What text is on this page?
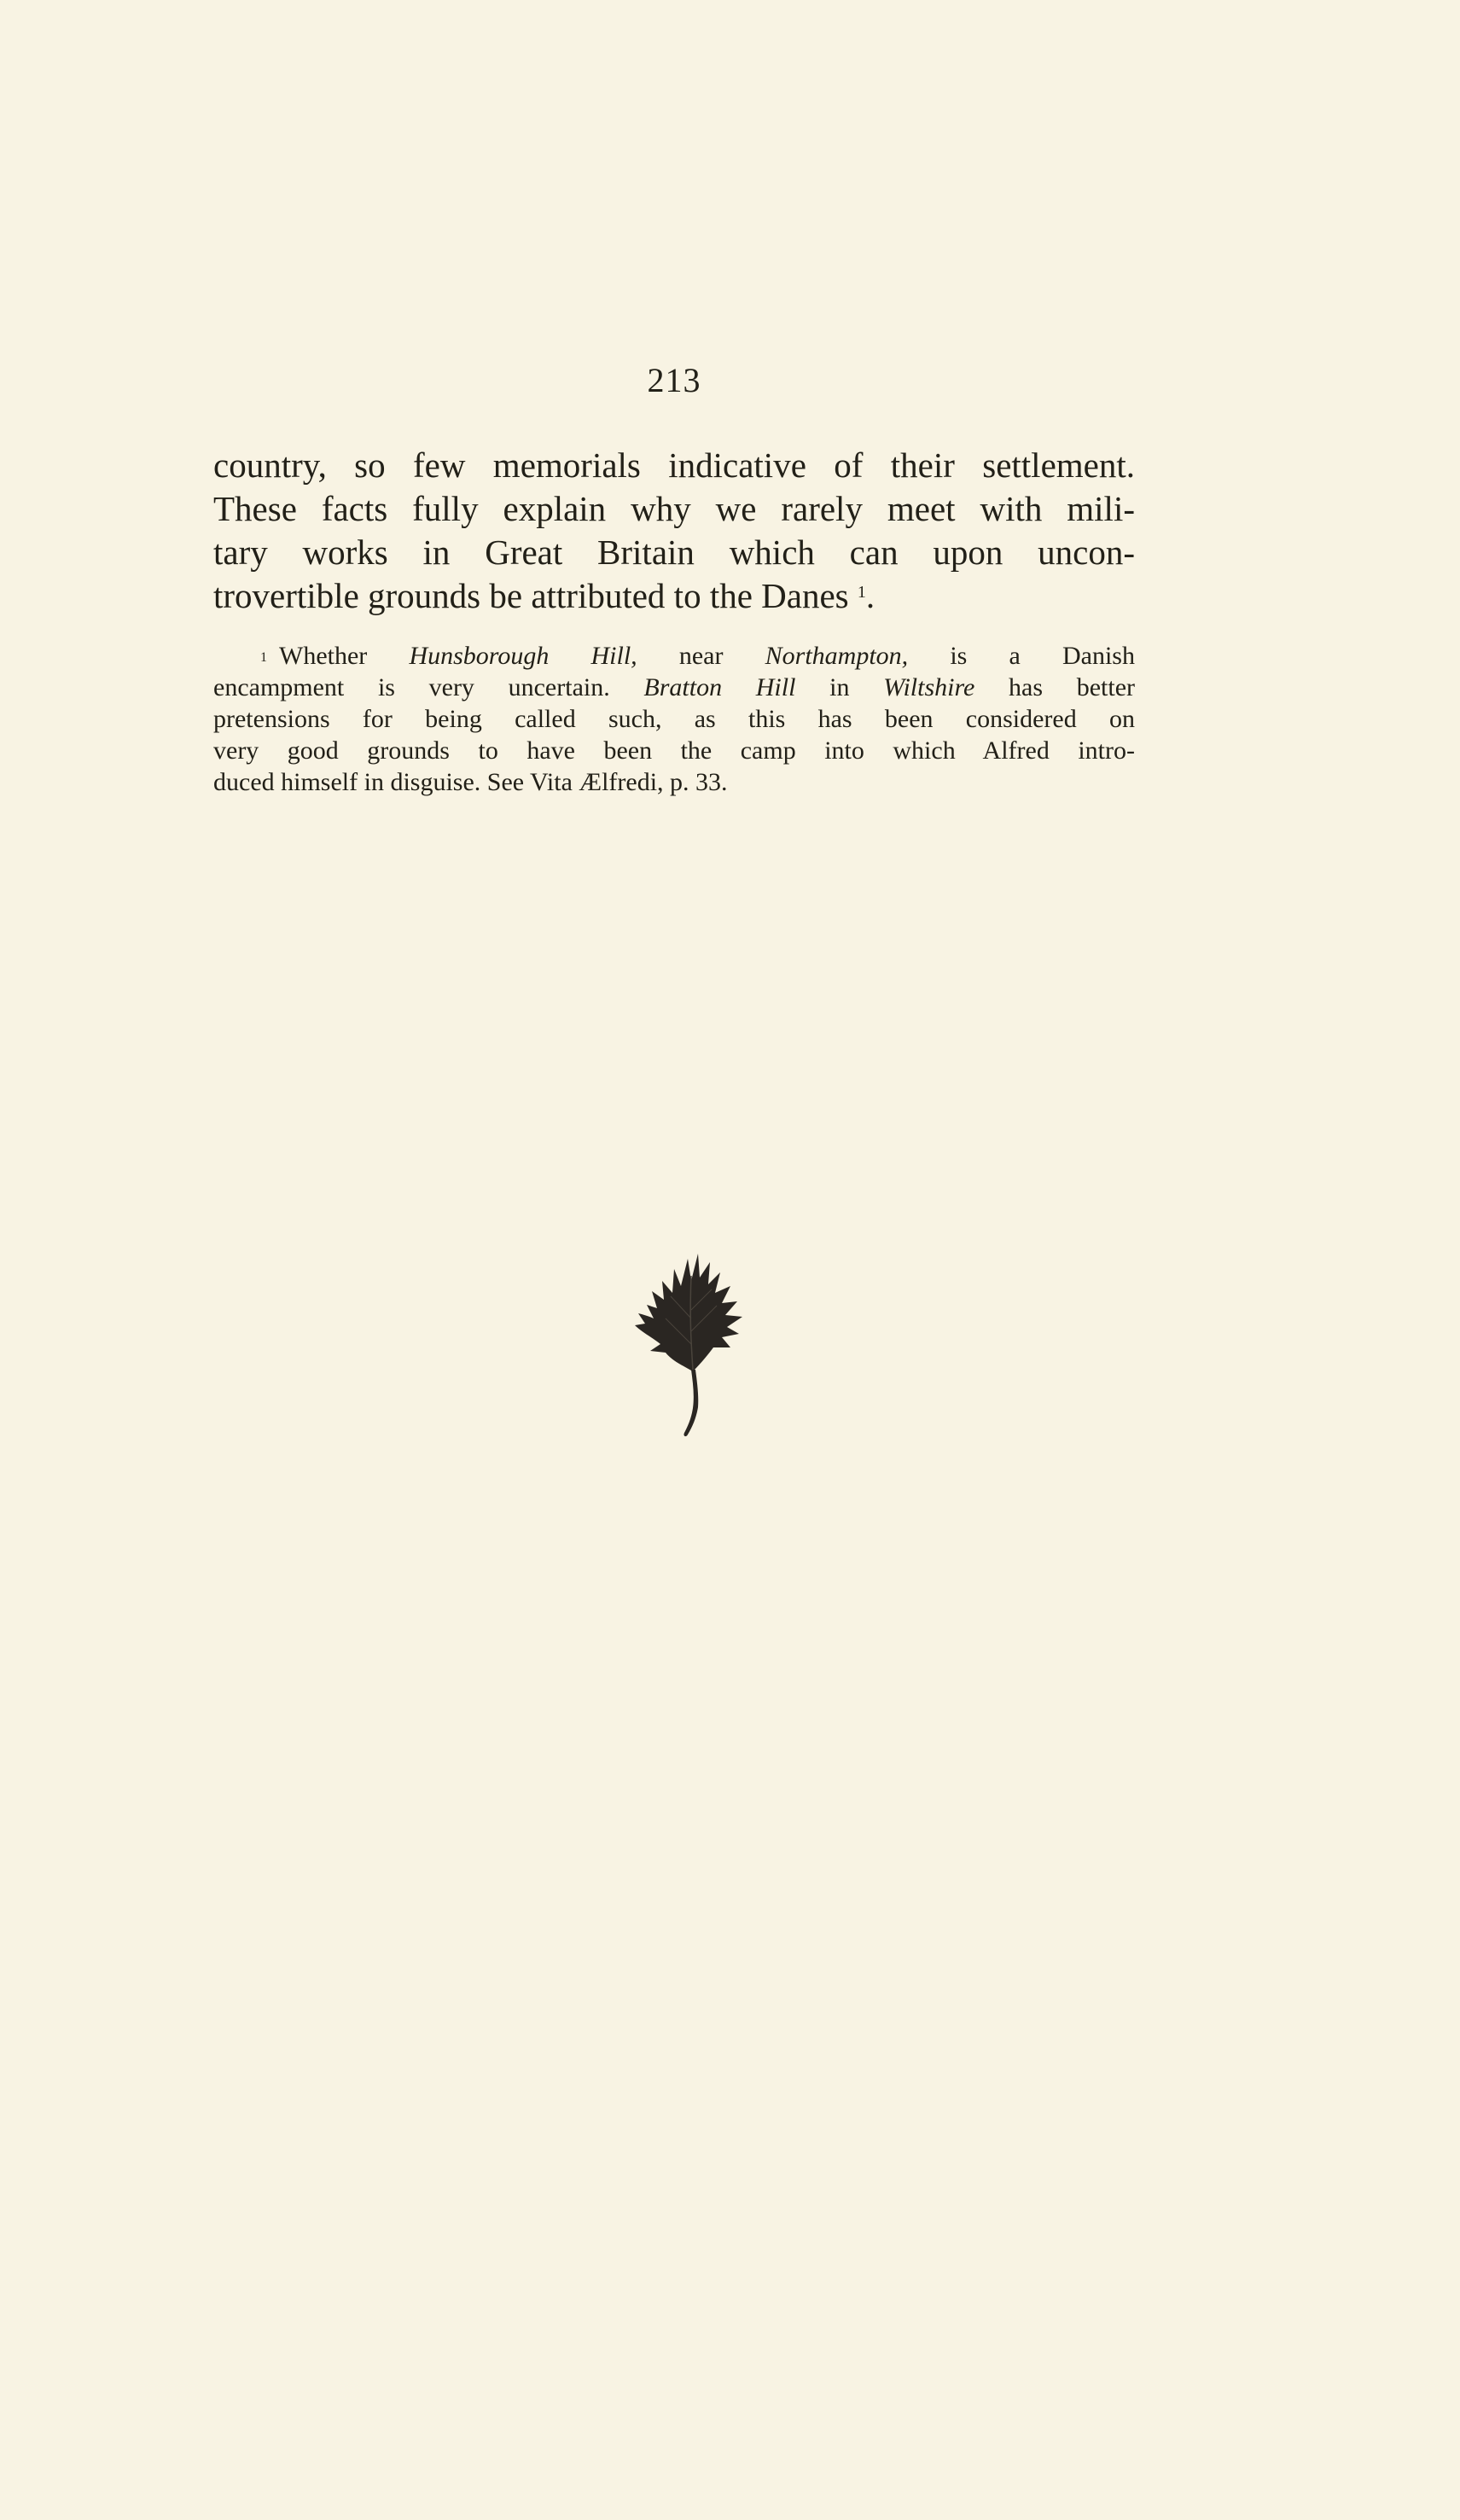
213
country, so few memorials indicative of their settlement.
These facts fully explain why we rarely meet with mili-
tary works in Great Britain which can upon uncon-
trovertible grounds be attributed to the Danes $^1$.
$^1$ Whether Hunsborough Hill, near Northampton, is a Danish
encampment is very uncertain. Bratton Hill in Wiltshire has better
pretensions for being called such, as this has been considered on
very good grounds to have been the camp into which Alfred intro-
duced himself in disguise. See Vita Ælfredi, p. 33.
